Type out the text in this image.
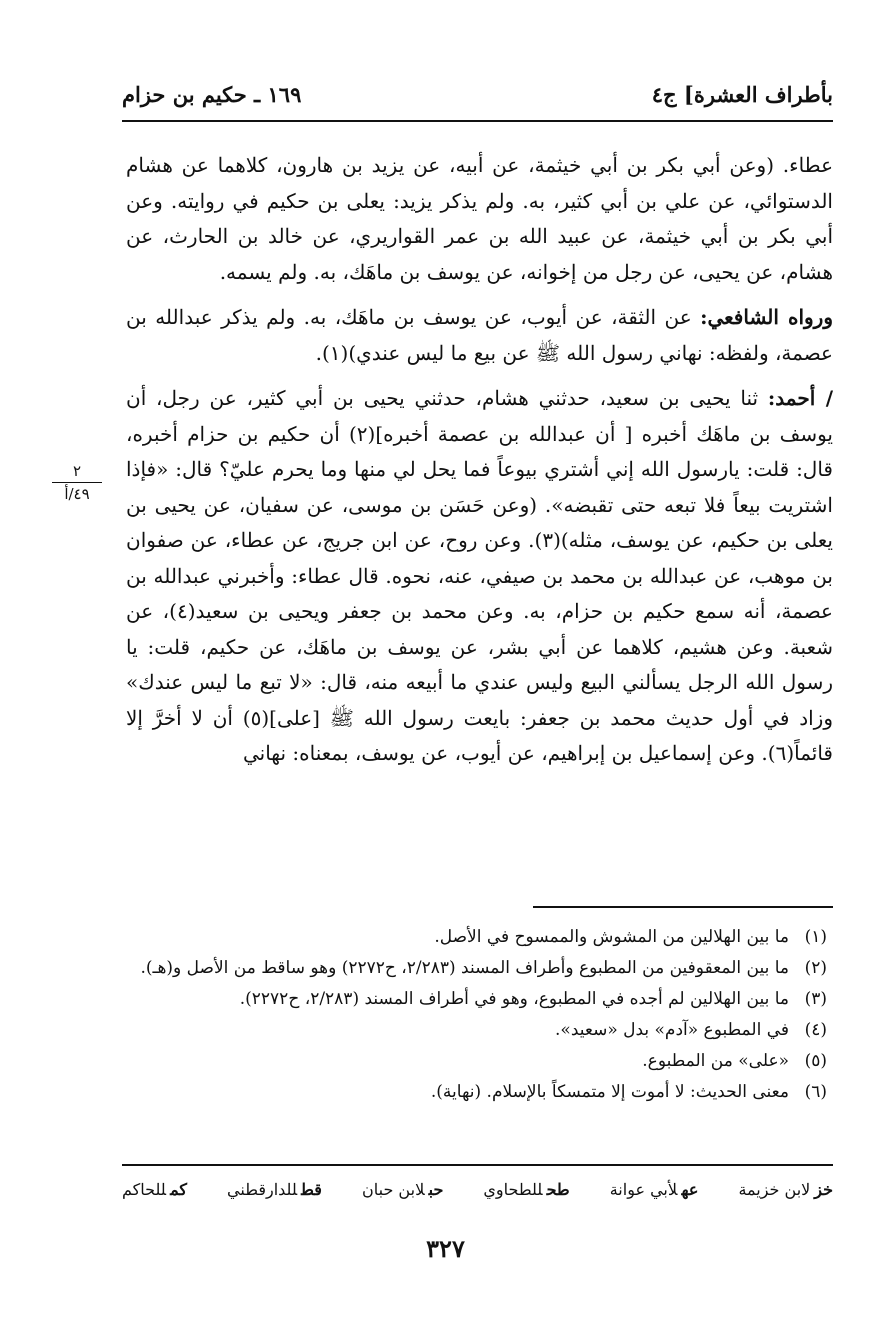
بأطراف العشرة] ج٤
١٦٩ ـ حكيم بن حزام
٢
٤٩/أ

عطاء. (وعن أبي بكر بن أبي خيثمة، عن أبيه، عن يزيد بن هارون، كلاهما عن هشام الدستوائي، عن علي بن أبي كثير، به. ولم يذكر يزيد: يعلى بن حكيم في روايته. وعن أبي بكر بن أبي خيثمة، عن عبيد الله بن عمر القواريري، عن خالد بن الحارث، عن هشام، عن يحيى، عن رجل من إخوانه، عن يوسف بن ماهَك، به. ولم يسمه.

ورواه الشافعي: عن الثقة، عن أيوب، عن يوسف بن ماهَك، به. ولم يذكر عبدالله بن عصمة، ولفظه: نهاني رسول الله ﷺ عن بيع ما ليس عندي)(١).

/ أحمد: ثنا يحيى بن سعيد، حدثني هشام، حدثني يحيى بن أبي كثير، عن رجل، أن يوسف بن ماهَك أخبره [ أن عبدالله بن عصمة أخبره](٢) أن حكيم بن حزام أخبره، قال: قلت: يارسول الله إني أشتري بيوعاً فما يحل لي منها وما يحرم عليّ؟ قال: «فإذا اشتريت بيعاً فلا تبعه حتى تقبضه». (وعن حَسَن بن موسى، عن سفيان، عن يحيى بن يعلى بن حكيم، عن يوسف، مثله)(٣). وعن روح، عن ابن جريج، عن عطاء، عن صفوان بن موهب، عن عبدالله بن محمد بن صيفي، عنه، نحوه. قال عطاء: وأخبرني عبدالله بن عصمة، أنه سمع حكيم بن حزام، به. وعن محمد بن جعفر ويحيى بن سعيد(٤)، عن شعبة. وعن هشيم، كلاهما عن أبي بشر، عن يوسف بن ماهَك، عن حكيم، قلت: يا رسول الله الرجل يسألني البيع وليس عندي ما أبيعه منه، قال: «لا تبع ما ليس عندك» وزاد في أول حديث محمد بن جعفر: بايعت رسول الله ﷺ [على](٥) أن لا أخرَّ إلا قائماً(٦). وعن إسماعيل بن إبراهيم، عن أيوب، عن يوسف، بمعناه: نهاني

(١)
ما بين الهلالين من المشوش والممسوح في الأصل.
(٢)
ما بين المعقوفين من المطبوع وأطراف المسند (٢/٢٨٣، ح٢٢٧٢) وهو ساقط من الأصل و(هـ).
(٣)
ما بين الهلالين لم أجده في المطبوع، وهو في أطراف المسند (٢/٢٨٣، ح٢٢٧٢).
(٤)
في المطبوع «آدم» بدل «سعيد».
(٥)
«على» من المطبوع.
(٦)
معنى الحديث: لا أموت إلا متمسكاً بالإسلام. (نهاية).
خزلابن خزيمة
عهلأبي عوانة
طحللطحاوي
حبلابن حبان
قطللدارقطني
كمللحاكم
٣٢٧
